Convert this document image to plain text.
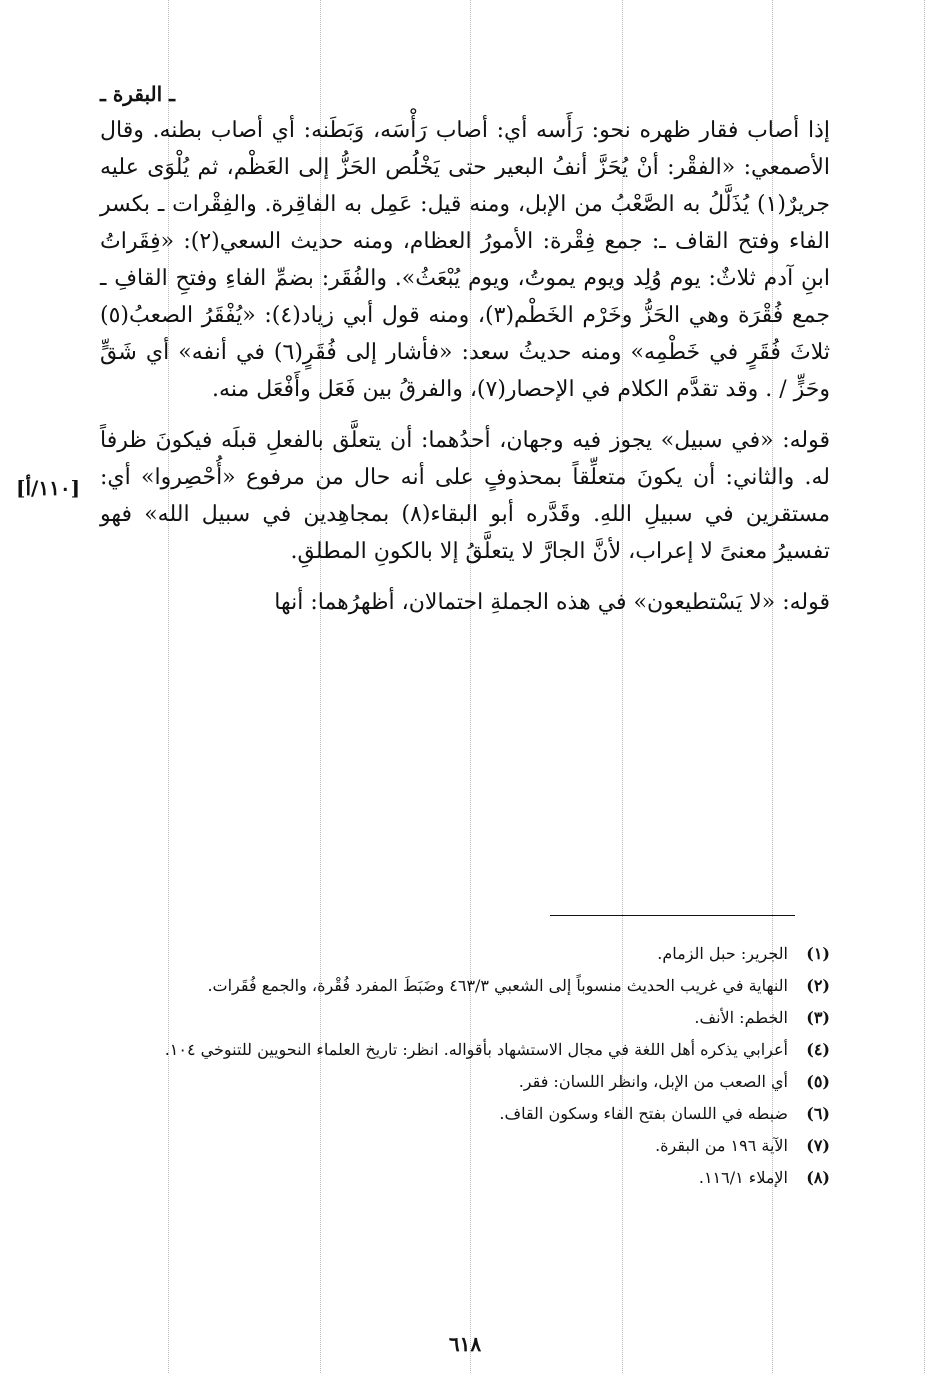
ـ البقرة ـ

إذا أصاب فقار ظهره نحو: رَأَسه أي: أصاب رَأْسَه، وَبَطَنه: أي أصاب بطنه. وقال الأصمعي: «الفقْر: أنْ يُحَزَّ أنفُ البعير حتى يَخْلُص الحَزُّ إلى العَظْم، ثم يُلْوَى عليه جريرٌ(١) يُذَلَّلُ به الصَّعْبُ من الإبل، ومنه قيل: عَمِل به الفاقِرة. والفِقْرات ـ بكسر الفاء وفتح القاف ـ: جمع فِقْرة: الأمورُ العظام، ومنه حديث السعي(٢): «فِقَراتُ ابنِ آدم ثلاثٌ: يوم وُلِد ويوم يموتُ، ويوم يُبْعَثُ». والفُقَر: بضمِّ الفاءِ وفتحِ القافِ ـ جمع فُقْرَة وهي الحَزُّ وخَرْم الخَطْم(٣)، ومنه قول أبي زياد(٤): «يُفْقَرُ الصعبُ(٥) ثلاثَ فُقَرٍ في خَطْمِه» ومنه حديثُ سعد: «فأشار إلى فُقَرٍ(٦) في أنفه» أي شَقٍّ وحَزٍّ / . وقد تقدَّم الكلام في الإحصار(٧)، والفرقُ بين فَعَل وأَفْعَل منه.

قوله: «في سبيل» يجوز فيه وجهان، أحدُهما: أن يتعلَّق بالفعلِ قبلَه فيكونَ ظرفاً له. والثاني: أن يكونَ متعلِّقاً بمحذوفٍ على أنه حال من مرفوع «أُحْصِروا» أي: مستقرين في سبيلِ اللهِ. وقَدَّره أبو البقاء(٨) بمجاهِدين في سبيل الله» فهو تفسيرُ معنىً لا إعراب، لأنَّ الجارَّ لا يتعلَّقُ إلا بالكونِ المطلقِ.

قوله: «لا يَسْتطيعون» في هذه الجملةِ احتمالان، أظهرُهما: أنها

[١١٠/أ]
(١)
الجرير: حبل الزمام.
(٢)
النهاية في غريب الحديث منسوباً إلى الشعبي ٤٦٣/٣ وضَبَطَ المفرد فُقْرة، والجمع فُقَرات.
(٣)
الخطم: الأنف.
(٤)
أعرابي يذكره أهل اللغة في مجال الاستشهاد بأقواله. انظر: تاريخ العلماء النحويين للتنوخي ١٠٤.
(٥)
أي الصعب من الإبل، وانظر اللسان: فقر.
(٦)
ضبطه في اللسان بفتح الفاء وسكون القاف.
(٧)
الآية ١٩٦ من البقرة.
(٨)
الإملاء ١١٦/١.
٦١٨
